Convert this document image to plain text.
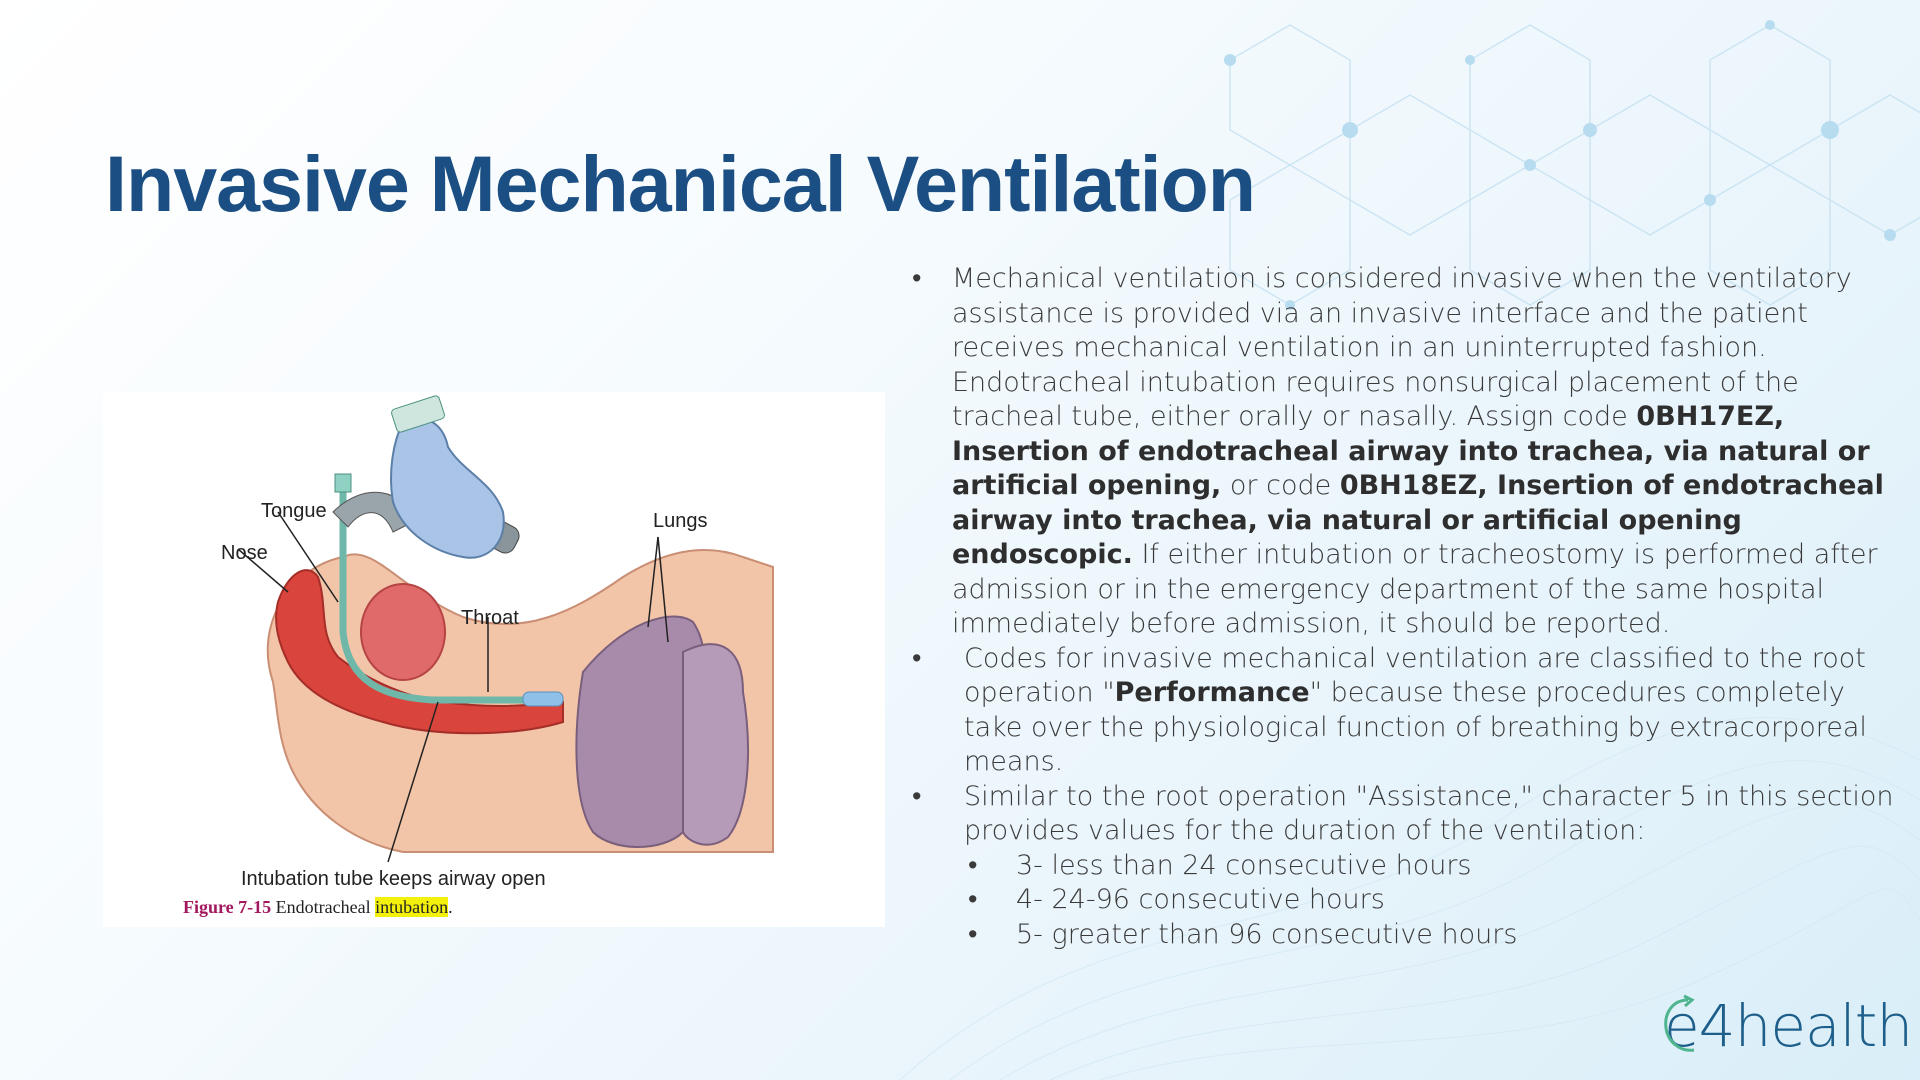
Invasive Mechanical Ventilation
Tongue
Nose
Lungs
Throat
Intubation tube keeps airway open
Figure 7-15 Endotracheal intubation.
• Mechanical ventilation is considered invasive when the ventilatory assistance is provided via an invasive interface and the patient receives mechanical ventilation in an uninterrupted fashion. Endotracheal intubation requires nonsurgical placement of the tracheal tube, either orally or nasally. Assign code 0BH17EZ, Insertion of endotracheal airway into trachea, via natural or artificial opening, or code 0BH18EZ, Insertion of endotracheal airway into trachea, via natural or artificial opening endoscopic. If either intubation or tracheostomy is performed after admission or in the emergency department of the same hospital immediately before admission, it should be reported.
• Codes for invasive mechanical ventilation are classified to the root operation "Performance" because these procedures completely take over the physiological function of breathing by extracorporeal means.
• Similar to the root operation "Assistance," character 5 in this section provides values for the duration of the ventilation:
• 3- less than 24 consecutive hours
• 4- 24-96 consecutive hours
• 5- greater than 96 consecutive hours
e4health
